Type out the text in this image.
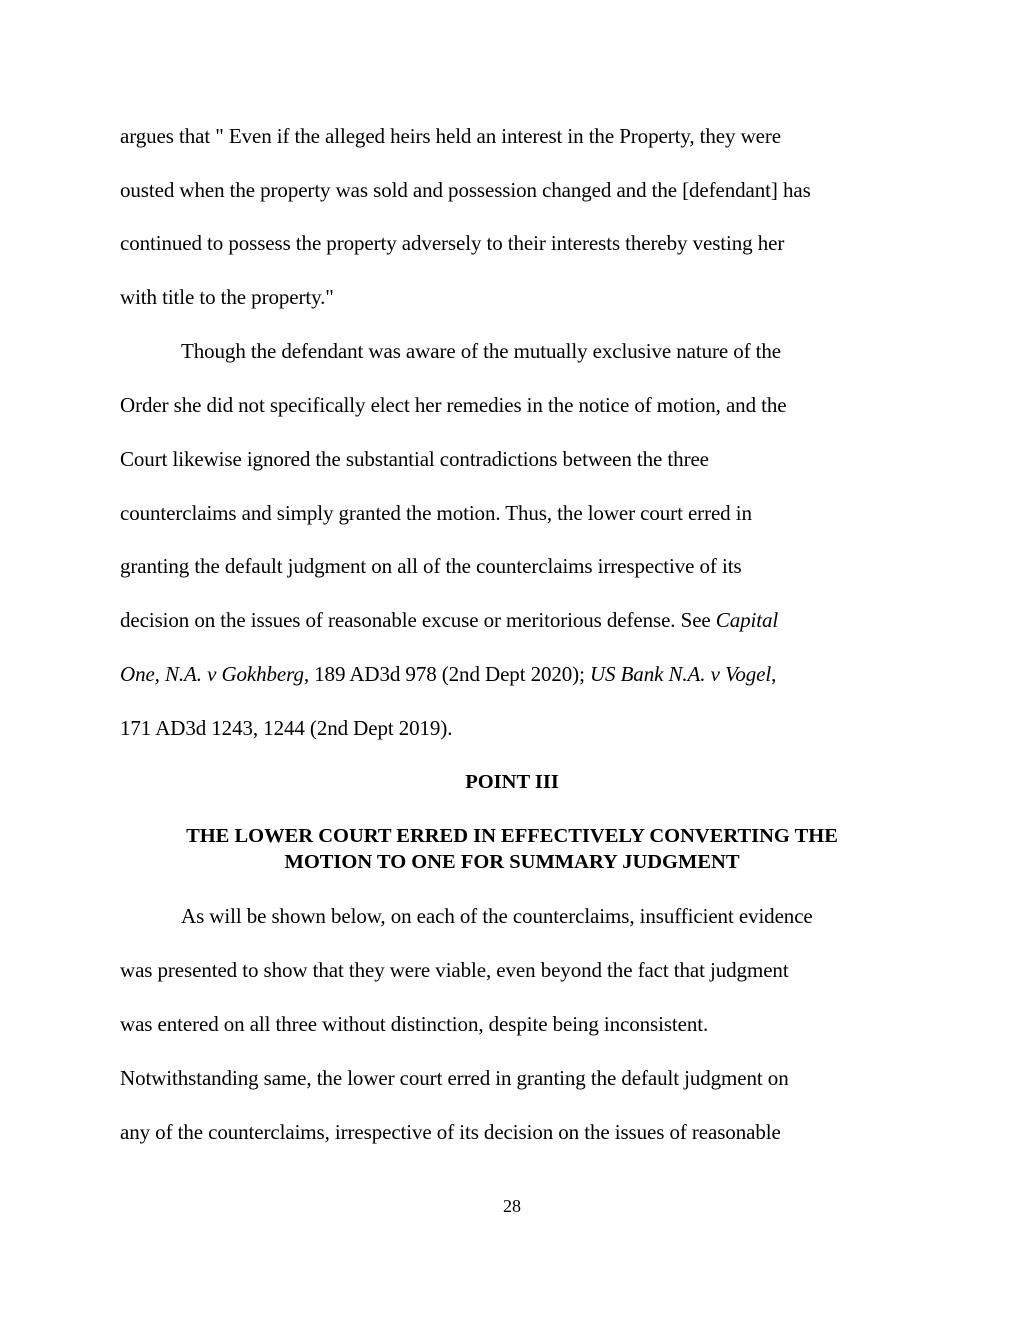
argues that " Even if the alleged heirs held an interest in the Property, they were
ousted when the property was sold and possession changed and the [defendant] has
continued to possess the property adversely to their interests thereby vesting her
with title to the property."
Though the defendant was aware of the mutually exclusive nature of the
Order she did not specifically elect her remedies in the notice of motion, and the
Court likewise ignored the substantial contradictions between the three
counterclaims and simply granted the motion. Thus, the lower court erred in
granting the default judgment on all of the counterclaims irrespective of its
decision on the issues of reasonable excuse or meritorious defense. See Capital
One, N.A. v Gokhberg, 189 AD3d 978 (2nd Dept 2020); US Bank N.A. v Vogel,
171 AD3d 1243, 1244 (2nd Dept 2019).
POINT III
THE LOWER COURT ERRED IN EFFECTIVELY CONVERTING THE
MOTION TO ONE FOR SUMMARY JUDGMENT
As will be shown below, on each of the counterclaims, insufficient evidence
was presented to show that they were viable, even beyond the fact that judgment
was entered on all three without distinction, despite being inconsistent.
Notwithstanding same, the lower court erred in granting the default judgment on
any of the counterclaims, irrespective of its decision on the issues of reasonable
28
